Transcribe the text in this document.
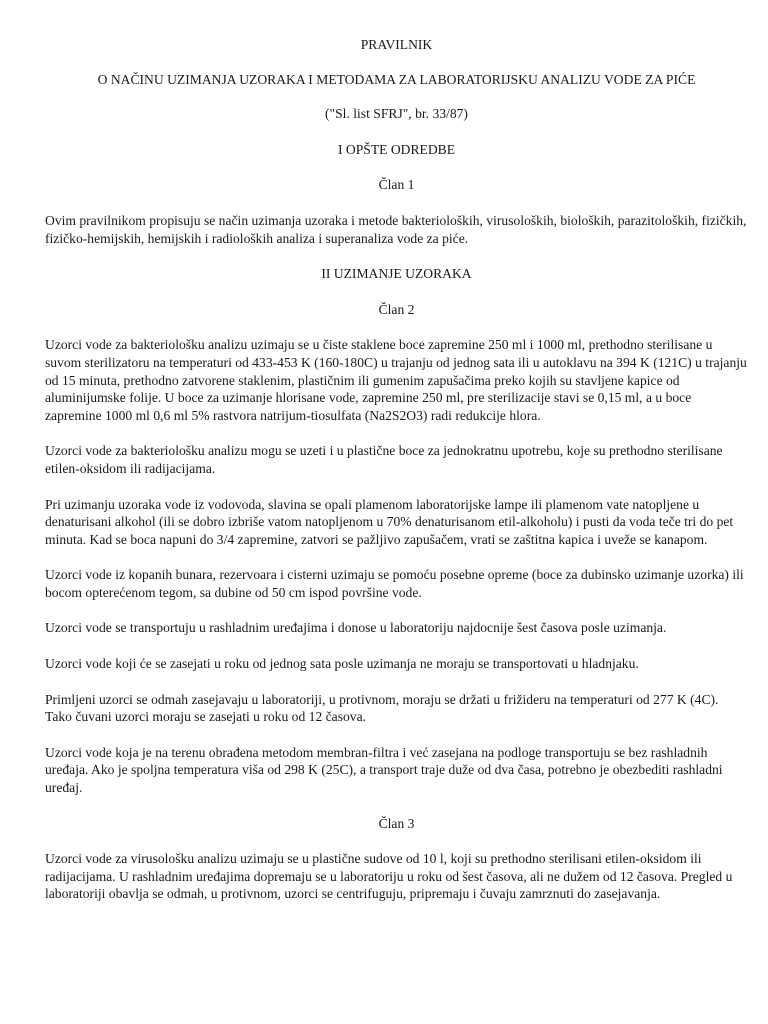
PRAVILNIK

O NAČINU UZIMANJA UZORAKA I METODAMA ZA LABORATORIJSKU ANALIZU VODE ZA PIĆE

("Sl. list SFRJ", br. 33/87)

I OPŠTE ODREDBE

Član 1

Ovim pravilnikom propisuju se način uzimanja uzoraka i metode bakterioloških, virusoloških, bioloških, parazitoloških, fizičkih, fizičko-hemijskih, hemijskih i radioloških analiza i superanaliza vode za piće.

II UZIMANJE UZORAKA

Član 2

Uzorci vode za bakteriološku analizu uzimaju se u čiste staklene boce zapremine 250 ml i 1000 ml, prethodno sterilisane u suvom sterilizatoru na temperaturi od 433-453 K (160-180C) u trajanju od jednog sata ili u autoklavu na 394 K (121C) u trajanju od 15 minuta, prethodno zatvorene staklenim, plastičnim ili gumenim zapušačima preko kojih su stavljene kapice od aluminijumske folije. U boce za uzimanje hlorisane vode, zapremine 250 ml, pre sterilizacije stavi se 0,15 ml, a u boce zapremine 1000 ml 0,6 ml 5% rastvora natrijum-tiosulfata (Na2S2O3) radi redukcije hlora.

Uzorci vode za bakteriološku analizu mogu se uzeti i u plastične boce za jednokratnu upotrebu, koje su prethodno sterilisane etilen-oksidom ili radijacijama.

Pri uzimanju uzoraka vode iz vodovoda, slavina se opali plamenom laboratorijske lampe ili plamenom vate natopljene u denaturisani alkohol (ili se dobro izbriše vatom natopljenom u 70% denaturisanom etil-alkoholu) i pusti da voda teče tri do pet minuta. Kad se boca napuni do 3/4 zapremine, zatvori se pažljivo zapušačem, vrati se zaštitna kapica i uveže se kanapom.

Uzorci vode iz kopanih bunara, rezervoara i cisterni uzimaju se pomoću posebne opreme (boce za dubinsko uzimanje uzorka) ili bocom opterećenom tegom, sa dubine od 50 cm ispod površine vode.

Uzorci vode se transportuju u rashladnim uređajima i donose u laboratoriju najdocnije šest časova posle uzimanja.

Uzorci vode koji će se zasejati u roku od jednog sata posle uzimanja ne moraju se transportovati u hladnjaku.

Primljeni uzorci se odmah zasejavaju u laboratoriji, u protivnom, moraju se držati u frižideru na temperaturi od 277 K (4C). Tako čuvani uzorci moraju se zasejati u roku od 12 časova.

Uzorci vode koja je na terenu obrađena metodom membran-filtra i već zasejana na podloge transportuju se bez rashladnih uređaja. Ako je spoljna temperatura viša od 298 K (25C), a transport traje duže od dva časa, potrebno je obezbediti rashladni uređaj.

Član 3

Uzorci vode za virusološku analizu uzimaju se u plastične sudove od 10 l, koji su prethodno sterilisani etilen-oksidom ili radijacijama. U rashladnim uređajima dopremaju se u laboratoriju u roku od šest časova, ali ne dužem od 12 časova. Pregled u laboratoriji obavlja se odmah, u protivnom, uzorci se centrifuguju, pripremaju i čuvaju zamrznuti do zasejavanja.
